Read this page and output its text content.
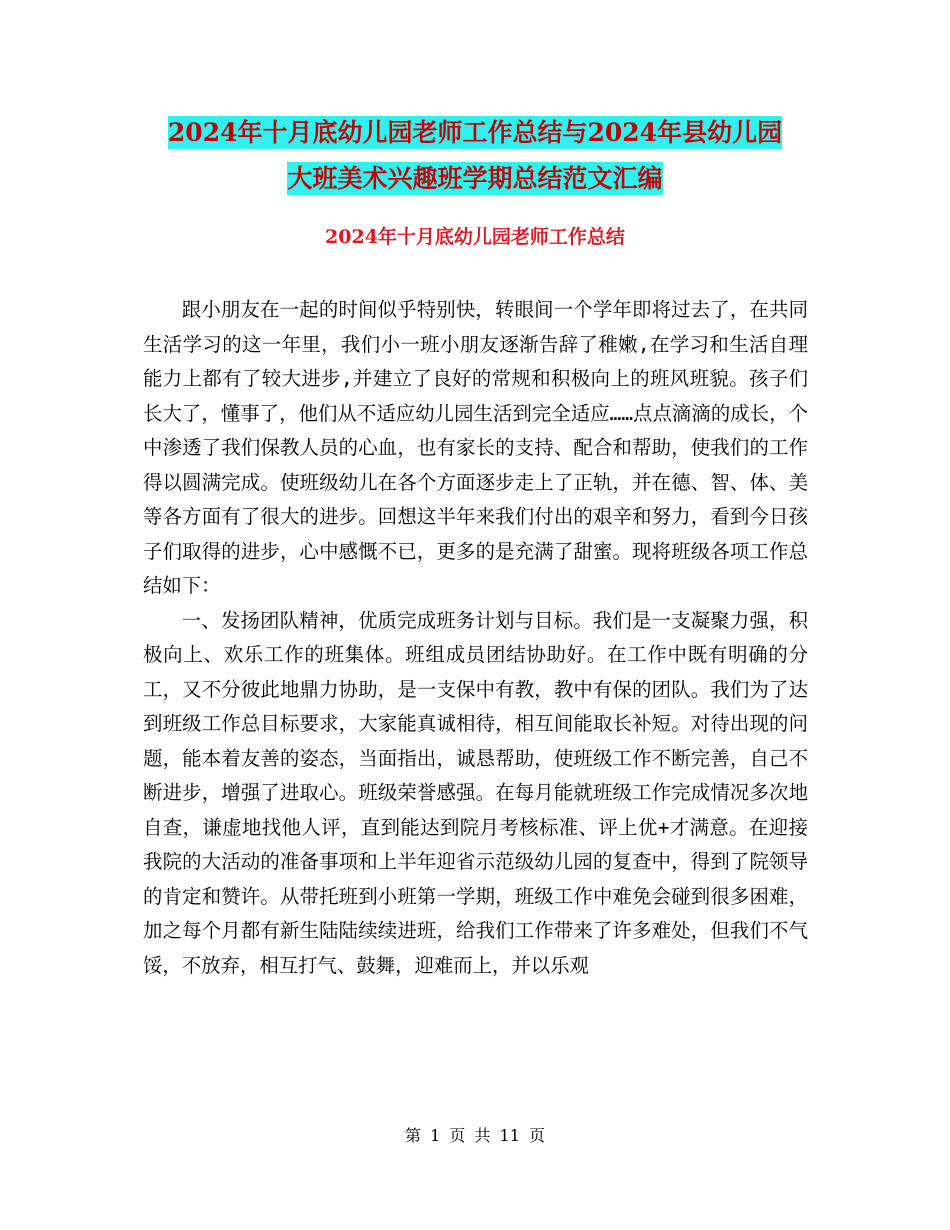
2024年十月底幼儿园老师工作总结与2024年县幼儿园
大班美术兴趣班学期总结范文汇编
2024年十月底幼儿园老师工作总结

跟小朋友在一起的时间似乎特别快，转眼间一个学年即将过去了，在共同生活学习的这一年里，我们小一班小朋友逐渐告辞了稚嫩,在学习和生活自理能力上都有了较大进步,并建立了良好的常规和积极向上的班风班貌。孩子们长大了，懂事了，他们从不适应幼儿园生活到完全适应……点点滴滴的成长，个中渗透了我们保教人员的心血，也有家长的支持、配合和帮助，使我们的工作得以圆满完成。使班级幼儿在各个方面逐步走上了正轨，并在德、智、体、美等各方面有了很大的进步。回想这半年来我们付出的艰辛和努力，看到今日孩子们取得的进步，心中感慨不已，更多的是充满了甜蜜。现将班级各项工作总结如下：

一、发扬团队精神，优质完成班务计划与目标。我们是一支凝聚力强，积极向上、欢乐工作的班集体。班组成员团结协助好。在工作中既有明确的分工，又不分彼此地鼎力协助，是一支保中有教，教中有保的团队。我们为了达到班级工作总目标要求，大家能真诚相待，相互间能取长补短。对待出现的问题，能本着友善的姿态，当面指出，诚恳帮助，使班级工作不断完善，自己不断进步，增强了进取心。班级荣誉感强。在每月能就班级工作完成情况多次地自查，谦虚地找他人评，直到能达到院月考核标准、评上优+才满意。在迎接我院的大活动的准备事项和上半年迎省示范级幼儿园的复查中，得到了院领导的肯定和赞许。从带托班到小班第一学期，班级工作中难免会碰到很多困难，加之每个月都有新生陆陆续续进班，给我们工作带来了许多难处，但我们不气馁，不放弃，相互打气、鼓舞，迎难而上，并以乐观

第 1 页 共 11 页
